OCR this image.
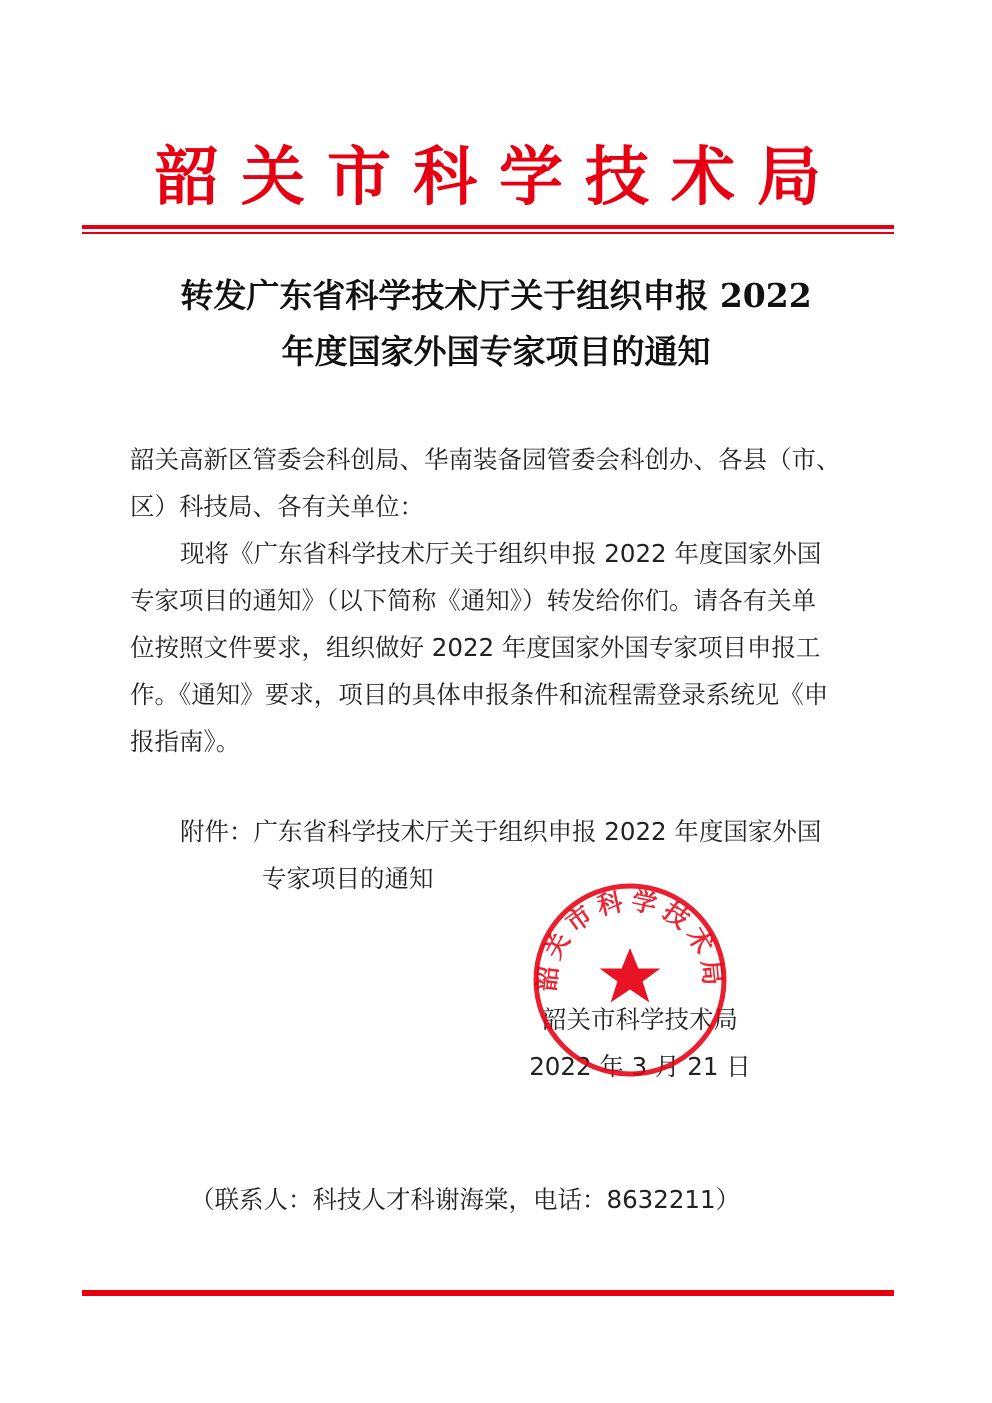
韶关市科学技术局
转发广东省科学技术厅关于组织申报 2022
年度国家外国专家项目的通知
韶关高新区管委会科创局、华南装备园管委会科创办、各县（市、
区）科技局、各有关单位：
现将《广东省科学技术厅关于组织申报 2022 年度国家外国
专家项目的通知》（以下简称《通知》）转发给你们。请各有关单
位按照文件要求，组织做好 2022 年度国家外国专家项目申报工
作。《通知》要求，项目的具体申报条件和流程需登录系统见《申
报指南》。
附件：广东省科学技术厅关于组织申报 2022 年度国家外国
专家项目的通知
韶关市科学技术局
2022 年 3 月 21 日
韶关市科学技术局
（联系人：科技人才科谢海棠，电话：8632211）
